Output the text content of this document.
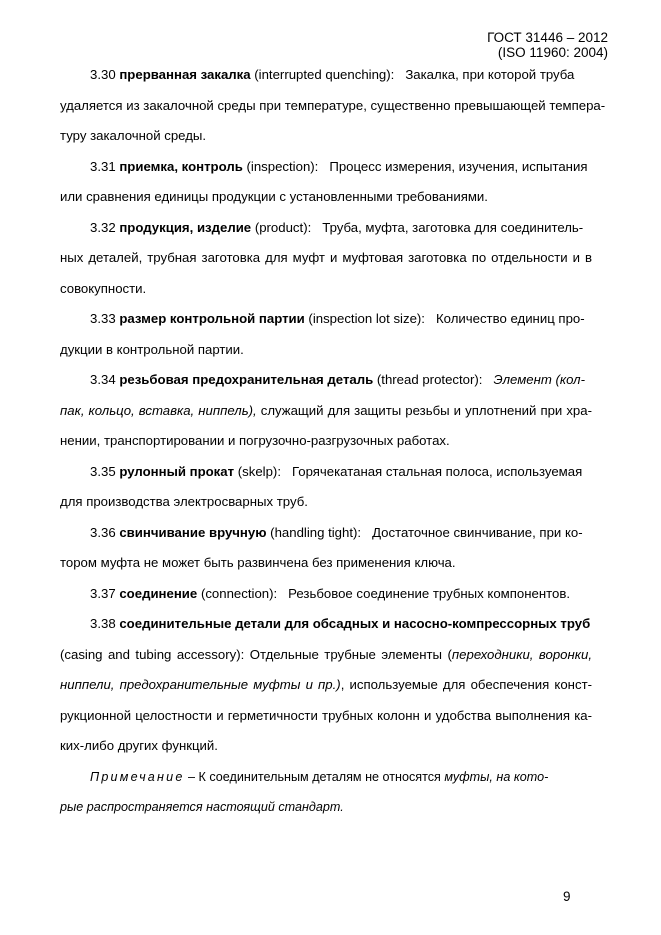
ГОСТ 31446 – 2012
(ISO 11960: 2004)
3.30 прерванная закалка (interrupted quenching): Закалка, при которой труба
удаляется из закалочной среды при температуре, существенно превышающей темпера-
туру закалочной среды.
3.31 приемка, контроль (inspection): Процесс измерения, изучения, испытания
или сравнения единицы продукции с установленными требованиями.
3.32 продукция, изделие (product): Труба, муфта, заготовка для соединитель-
ных деталей, трубная заготовка для муфт и муфтовая заготовка по отдельности и в
совокупности.
3.33 размер контрольной партии (inspection lot size): Количество единиц про-
дукции в контрольной партии.
3.34 резьбовая предохранительная деталь (thread protector): Элемент (кол-
пак, кольцо, вставка, ниппель), служащий для защиты резьбы и уплотнений при хра-
нении, транспортировании и погрузочно-разгрузочных работах.
3.35 рулонный прокат (skelp): Горячекатаная стальная полоса, используемая
для производства электросварных труб.
3.36 свинчивание вручную (handling tight): Достаточное свинчивание, при ко-
тором муфта не может быть развинчена без применения ключа.
3.37 соединение (connection): Резьбовое соединение трубных компонентов.
3.38 соединительные детали для обсадных и насосно-компрессорных труб
(casing and tubing accessory): Отдельные трубные элементы (переходники, воронки,
ниппели, предохранительные муфты и пр.), используемые для обеспечения конст-
рукционной целостности и герметичности трубных колонн и удобства выполнения ка-
ких-либо других функций.
Примечание – К соединительным деталям не относятся муфты, на кото-
рые распространяется настоящий стандарт.
9
